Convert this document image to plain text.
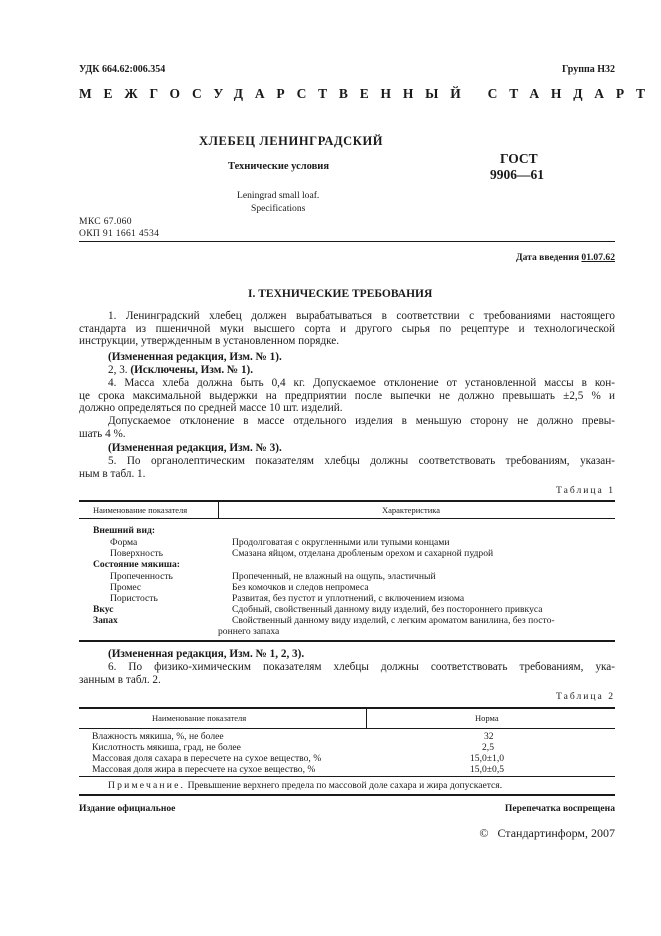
УДК 664.62:006.354	Группа Н32
МЕЖГОСУДАРСТВЕННЫЙ СТАНДАРТ
ХЛЕБЕЦ ЛЕНИНГРАДСКИЙ
Технические условия
Leningrad small loaf.
Specifications
ГОСТ
9906—61
МКС 67.060
ОКП 91 1661 4534
Дата введения 01.07.62
I. ТЕХНИЧЕСКИЕ ТРЕБОВАНИЯ
1. Ленинградский хлебец должен вырабатываться в соответствии с требованиями настоящего
стандарта из пшеничной муки высшего сорта и другого сырья по рецептуре и технологической
инструкции, утвержденным в установленном порядке.
(Измененная редакция, Изм. № 1).
2, 3. (Исключены, Изм. № 1).
4. Масса хлеба должна быть 0,4 кг. Допускаемое отклонение от установленной массы в кон-
це срока максимальной выдержки на предприятии после выпечки не должно превышать ±2,5 % и
должно определяться по средней массе 10 шт. изделий.
Допускаемое отклонение в массе отдельного изделия в меньшую сторону не должно превы-
шать 4 %.
(Измененная редакция, Изм. № 3).
5. По органолептическим показателям хлебцы должны соответствовать требованиям, указан-
ным в табл. 1.
Таблица 1
Наименование показателя	Характеристика
Внешний вид:
Форма	Продолговатая с округленными или тупыми концами
Поверхность	Смазана яйцом, отделана дробленым орехом и сахарной пудрой
Состояние мякиша:
Пропеченность	Пропеченный, не влажный на ощупь, эластичный
Промес	Без комочков и следов непромеса
Пористость	Развитая, без пустот и уплотнений, с включением изюма
Вкус	Сдобный, свойственный данному виду изделий, без постороннего привкуса
Запах	Свойственный данному виду изделий, с легким ароматом ванилина, без посто-
роннего запаха
(Измененная редакция, Изм. № 1, 2, 3).
6. По физико-химическим показателям хлебцы должны соответствовать требованиям, ука-
занным в табл. 2.
Таблица 2
Наименование показателя	Норма
Влажность мякиша, %, не более	32
Кислотность мякиша, град, не более	2,5
Массовая доля сахара в пересчете на сухое вещество, %	15,0±1,0
Массовая доля жира в пересчете на сухое вещество, %	15,0±0,5
Примечание. Превышение верхнего предела по массовой доле сахара и жира допускается.
Издание официальное	Перепечатка воспрещена
© Стандартинформ, 2007
